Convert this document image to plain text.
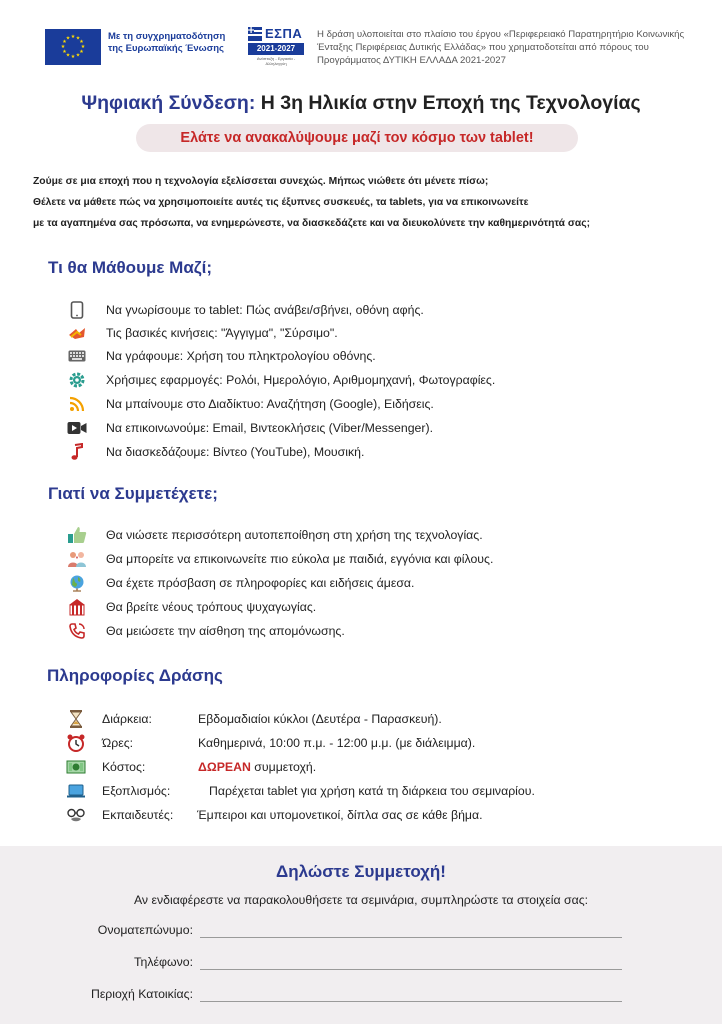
★ ★
★
★
★
★
★
★
★
★
★
★	Με τη συγχρηματοδότηση της Ευρωπαϊκής Ένωσης
ΕΣΠΑ
2021-2027
Ανάπτυξη - Εργασία - Αλληλεγγύη
Η δράση υλοποιείται στο πλαίσιο του έργου «Περιφερειακό Παρατηρητήριο Κοινωνικής Ένταξης Περιφέρειας Δυτικής Ελλάδας» που χρηματοδοτείται από πόρους του Προγράμματος ΔΥΤΙΚΗ ΕΛΛΑΔΑ 2021-2027
Ψηφιακή Σύνδεση: Η 3η Ηλικία στην Εποχή της Τεχνολογίας
Ελάτε να ανακαλύψουμε μαζί τον κόσμο των tablet!
Ζούμε σε μια εποχή που η τεχνολογία εξελίσσεται συνεχώς. Μήπως νιώθετε ότι μένετε πίσω;
Θέλετε να μάθετε πώς να χρησιμοποιείτε αυτές τις έξυπνες συσκευές, τα tablets, για να επικοινωνείτε
με τα αγαπημένα σας πρόσωπα, να ενημερώνεστε, να διασκεδάζετε και να διευκολύνετε την καθημερινότητά σας;
Τι θα Μάθουμε Μαζί;
Να γνωρίσουμε το tablet: Πώς ανάβει/σβήνει, οθόνη αφής.
Τις βασικές κινήσεις: "Άγγιγμα", "Σύρσιμο".
Να γράφουμε: Χρήση του πληκτρολογίου οθόνης.
Χρήσιμες εφαρμογές: Ρολόι, Ημερολόγιο, Αριθμομηχανή, Φωτογραφίες.
Να μπαίνουμε στο Διαδίκτυο: Αναζήτηση (Google), Ειδήσεις.
Να επικοινωνούμε: Email, Βιντεοκλήσεις (Viber/Messenger).
Να διασκεδάζουμε: Βίντεο (YouTube), Μουσική.
Γιατί να Συμμετέχετε;
Θα νιώσετε περισσότερη αυτοπεποίθηση στη χρήση της τεχνολογίας.
Θα μπορείτε να επικοινωνείτε πιο εύκολα με παιδιά, εγγόνια και φίλους.
Θα έχετε πρόσβαση σε πληροφορίες και ειδήσεις άμεσα.
Θα βρείτε νέους τρόπους ψυχαγωγίας.
Θα μειώσετε την αίσθηση της απομόνωσης.
Πληροφορίες Δράσης
Διάρκεια:	Εβδομαδιαίοι κύκλοι (Δευτέρα - Παρασκευή).
Ώρες:	Καθημερινά, 10:00 π.μ. - 12:00 μ.μ. (με διάλειμμα).
Κόστος:	ΔΩΡΕΑΝ συμμετοχή.
Εξοπλισμός:	Παρέχεται tablet για χρήση κατά τη διάρκεια του σεμιναρίου.
Εκπαιδευτές: Έμπειροι και υπομονετικοί, δίπλα σας σε κάθε βήμα.
Δηλώστε Συμμετοχή!
Αν ενδιαφέρεστε να παρακολουθήσετε τα σεμινάρια, συμπληρώστε τα στοιχεία σας:
Ονοματεπώνυμο:
Τηλέφωνο:
Περιοχή Κατοικίας:
